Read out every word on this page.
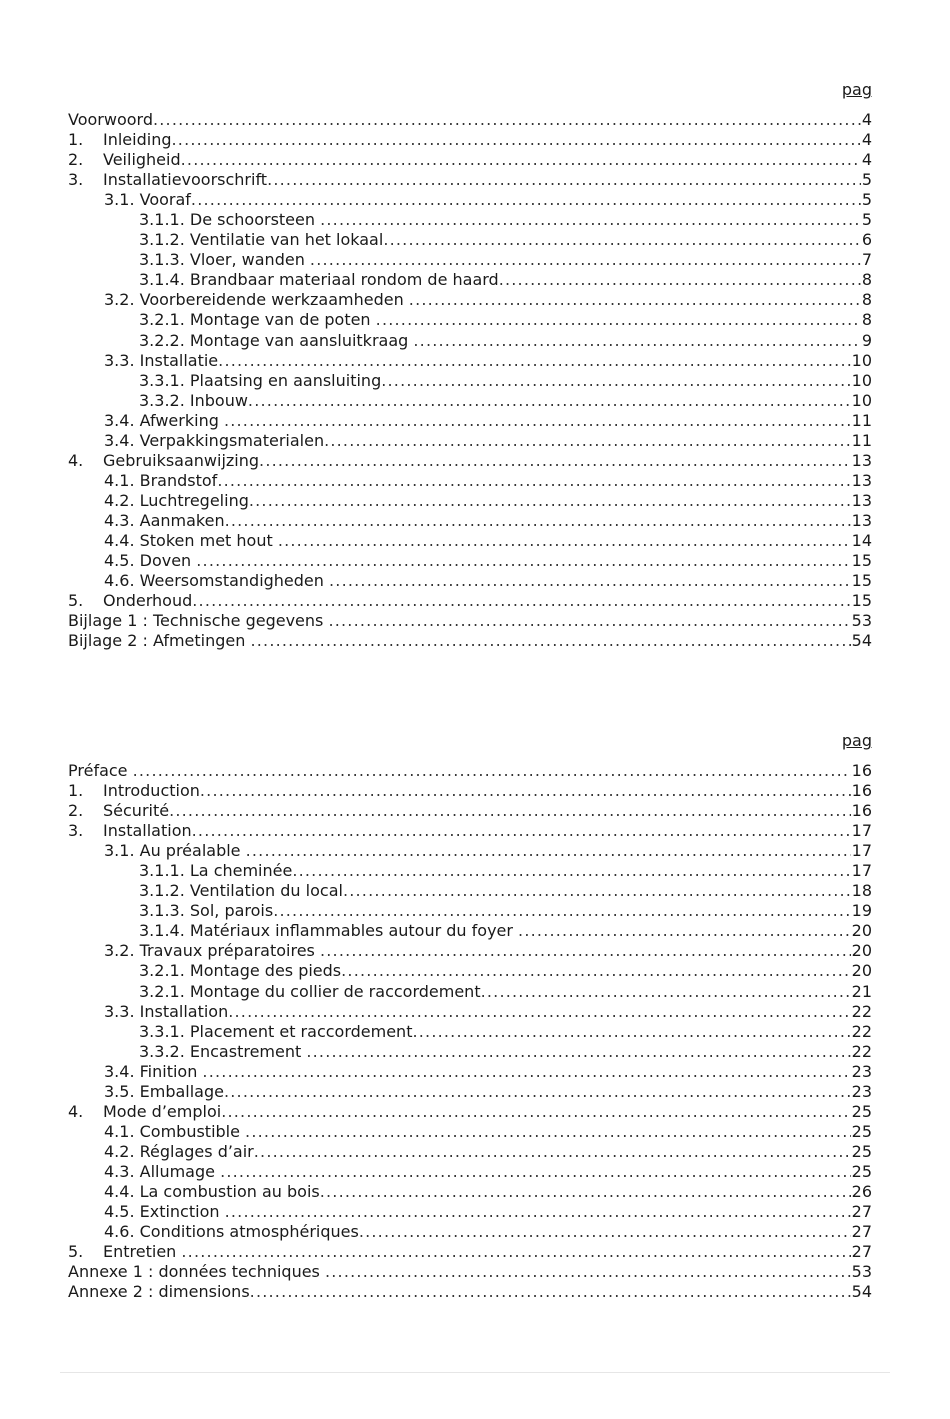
pag
Voorwoord .....	4
1.	Inleiding .....	4
2.	Veiligheid .....	4
3.	Installatievoorschrift .....	5
3.1. Vooraf .....	5
3.1.1. De schoorsteen .....	5
3.1.2. Ventilatie van het lokaal .....	6
3.1.3. Vloer, wanden .....	7
3.1.4. Brandbaar materiaal rondom de haard .....	8
3.2. Voorbereidende werkzaamheden .....	8
3.2.1. Montage van de poten .....	8
3.2.2. Montage van aansluitkraag .....	9
3.3. Installatie .....	10
3.3.1. Plaatsing en aansluiting .....	10
3.3.2. Inbouw .....	10
3.4. Afwerking .....	11
3.4. Verpakkingsmaterialen .....	11
4.	Gebruiksaanwijzing .....	13
4.1. Brandstof .....	13
4.2. Luchtregeling .....	13
4.3. Aanmaken .....	13
4.4. Stoken met hout .....	14
4.5. Doven .....	15
4.6. Weersomstandigheden .....	15
5.	Onderhoud .....	15
Bijlage 1 : Technische gegevens .....	53
Bijlage 2 : Afmetingen .....	54
pag
Préface .....	16
1.	Introduction .....	16
2.	Sécurité .....	16
3.	Installation .....	17
3.1. Au préalable .....	17
3.1.1. La cheminée .....	17
3.1.2. Ventilation du local .....	18
3.1.3. Sol, parois .....	19
3.1.4. Matériaux inflammables autour du foyer .....	20
3.2. Travaux préparatoires .....	20
3.2.1. Montage des pieds .....	20
3.2.1. Montage du collier de raccordement .....	21
3.3. Installation .....	22
3.3.1. Placement et raccordement .....	22
3.3.2. Encastrement .....	22
3.4. Finition .....	23
3.5. Emballage .....	23
4.	Mode d’emploi .....	25
4.1. Combustible .....	25
4.2. Réglages d’air .....	25
4.3. Allumage .....	25
4.4. La combustion au bois .....	26
4.5. Extinction .....	27
4.6. Conditions atmosphériques .....	27
5.	Entretien .....	27
Annexe 1 : données techniques .....	53
Annexe 2 : dimensions .....	54
